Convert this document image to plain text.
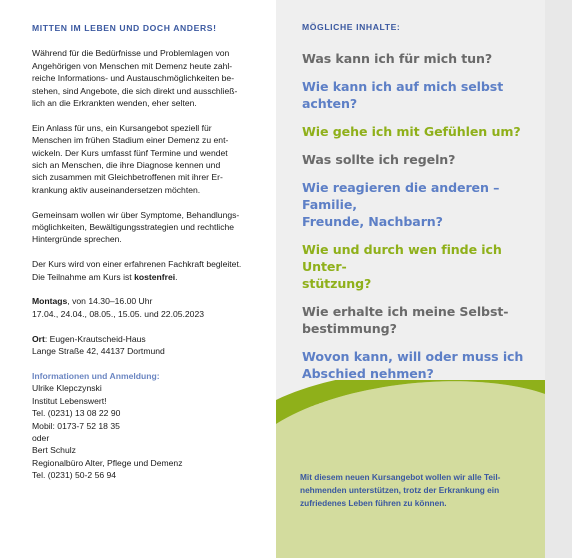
MITTEN IM LEBEN UND DOCH ANDERS!

Während für die Bedürfnisse und Problemlagen von
Angehörigen von Menschen mit Demenz heute zahl-
reiche Informations- und Austauschmöglichkeiten be-
stehen, sind Angebote, die sich direkt und ausschließ-
lich an die Erkrankten wenden, eher selten.

Ein Anlass für uns, ein Kursangebot speziell für
Menschen im frühen Stadium einer Demenz zu ent-
wickeln. Der Kurs umfasst fünf Termine und wendet
sich an Menschen, die ihre Diagnose kennen und
sich zusammen mit Gleichbetroffenen mit ihrer Er-
krankung aktiv auseinandersetzen möchten.

Gemeinsam wollen wir über Symptome, Behandlungs-
möglichkeiten, Bewältigungsstrategien und rechtliche
Hintergründe sprechen.

Der Kurs wird von einer erfahrenen Fachkraft begleitet.
Die Teilnahme am Kurs ist kostenfrei.

Montags, von 14.30–16.00 Uhr
17.04., 24.04., 08.05., 15.05. und 22.05.2023

Ort: Eugen-Krautscheid-Haus
Lange Straße 42, 44137 Dortmund

Informationen und Anmeldung:
Ulrike Klepczynski
Institut Lebenswert!
Tel. (0231) 13 08 22 90
Mobil: 0173-7 52 18 35
oder
Bert Schulz
Regionalbüro Alter, Pflege und Demenz
Tel. (0231) 50-2 56 94

MÖGLICHE INHALTE:

Was kann ich für mich tun?

Wie kann ich auf mich selbst achten?

Wie gehe ich mit Gefühlen um?

Was sollte ich regeln?

Wie reagieren die anderen – Familie,
Freunde, Nachbarn?

Wie und durch wen finde ich Unter-
stützung?

Wie erhalte ich meine Selbst-
bestimmung?

Wovon kann, will oder muss ich
Abschied nehmen?

Mit diesem neuen Kursangebot wollen wir alle Teil-
nehmenden unterstützen, trotz der Erkrankung ein
zufriedenes Leben führen zu können.
